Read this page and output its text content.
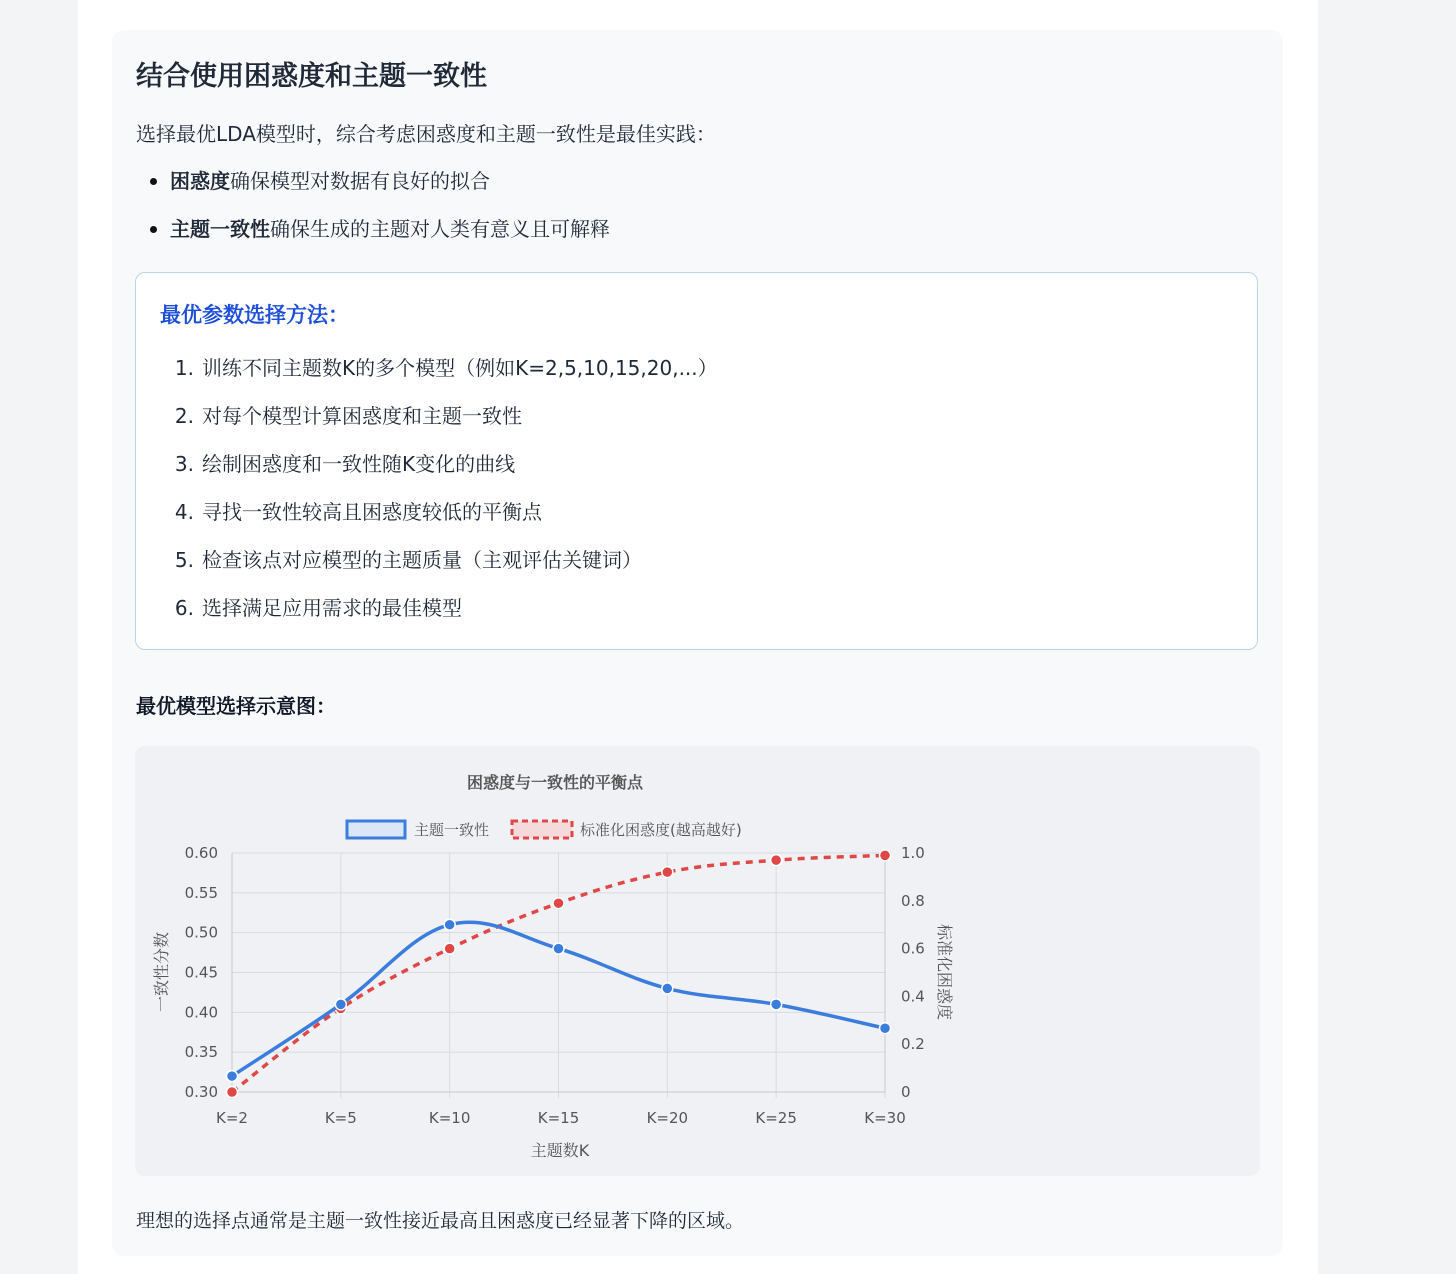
结合使用困惑度和主题一致性
选择最优LDA模型时，综合考虑困惑度和主题一致性是最佳实践：
困惑度确保模型对数据有良好的拟合
主题一致性确保生成的主题对人类有意义且可解释
最优参数选择方法：
1. 训练不同主题数K的多个模型（例如K=2,5,10,15,20,...）
2. 对每个模型计算困惑度和主题一致性
3. 绘制困惑度和一致性随K变化的曲线
4. 寻找一致性较高且困惑度较低的平衡点
5. 检查该点对应模型的主题质量（主观评估关键词）
6. 选择满足应用需求的最佳模型
最优模型选择示意图：
困惑度与一致性的平衡点
主题一致性	标准化困惑度(越高越好)
0.60
0.55
0.50
0.45
0.40
0.35
0.30
1.0
0.8
0.6
0.4
0.2
0
K=2	K=5	K=10	K=15	K=20	K=25	K=30
主题数K
一致性分数	标准化困惑度
理想的选择点通常是主题一致性接近最高且困惑度已经显著下降的区域。
